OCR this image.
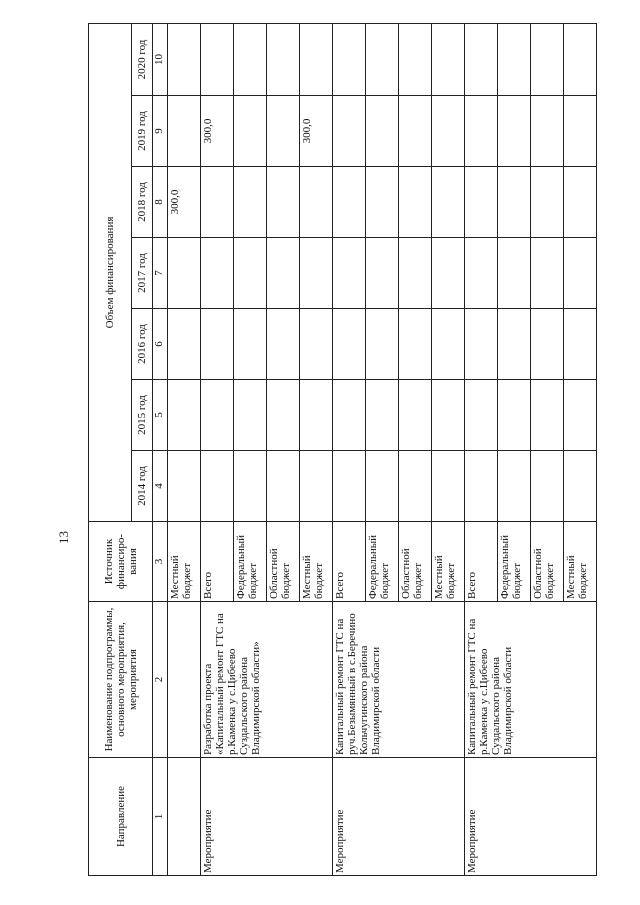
13
Направление	Наименование подпрограммы, основного мероприятия, мероприятия	Источник финансиро-вания	Объем финансирования						
			2014 год	2015 год	2016 год	2017 год	2018 год	2019 год	2020 год
1	2	3	4	5	6	7	8	9	10
		Местный бюджет					300,0		
Мероприятие	Разработка проекта «Капитальный ремонт ГТС на р.Каменка у с.Цибеево Суздальского района Владимирской области»	Всего						300,0	
		Федеральный бюджет							
		Областной бюджет							
		Местный бюджет						300,0	
Мероприятие	Капитальный ремонт ГТС на руч.Безымянный в с.Беречино Кольчугинского района Владимирской области	Всего							
		Федеральный бюджет							
		Областной бюджет							
		Местный бюджет							
Мероприятие	Капитальный ремонт ГТС на р.Каменка у с.Цибеево Суздальского района Владимирской области	Всего							
		Федеральный бюджет							
		Областной бюджет							
		Местный бюджет							
